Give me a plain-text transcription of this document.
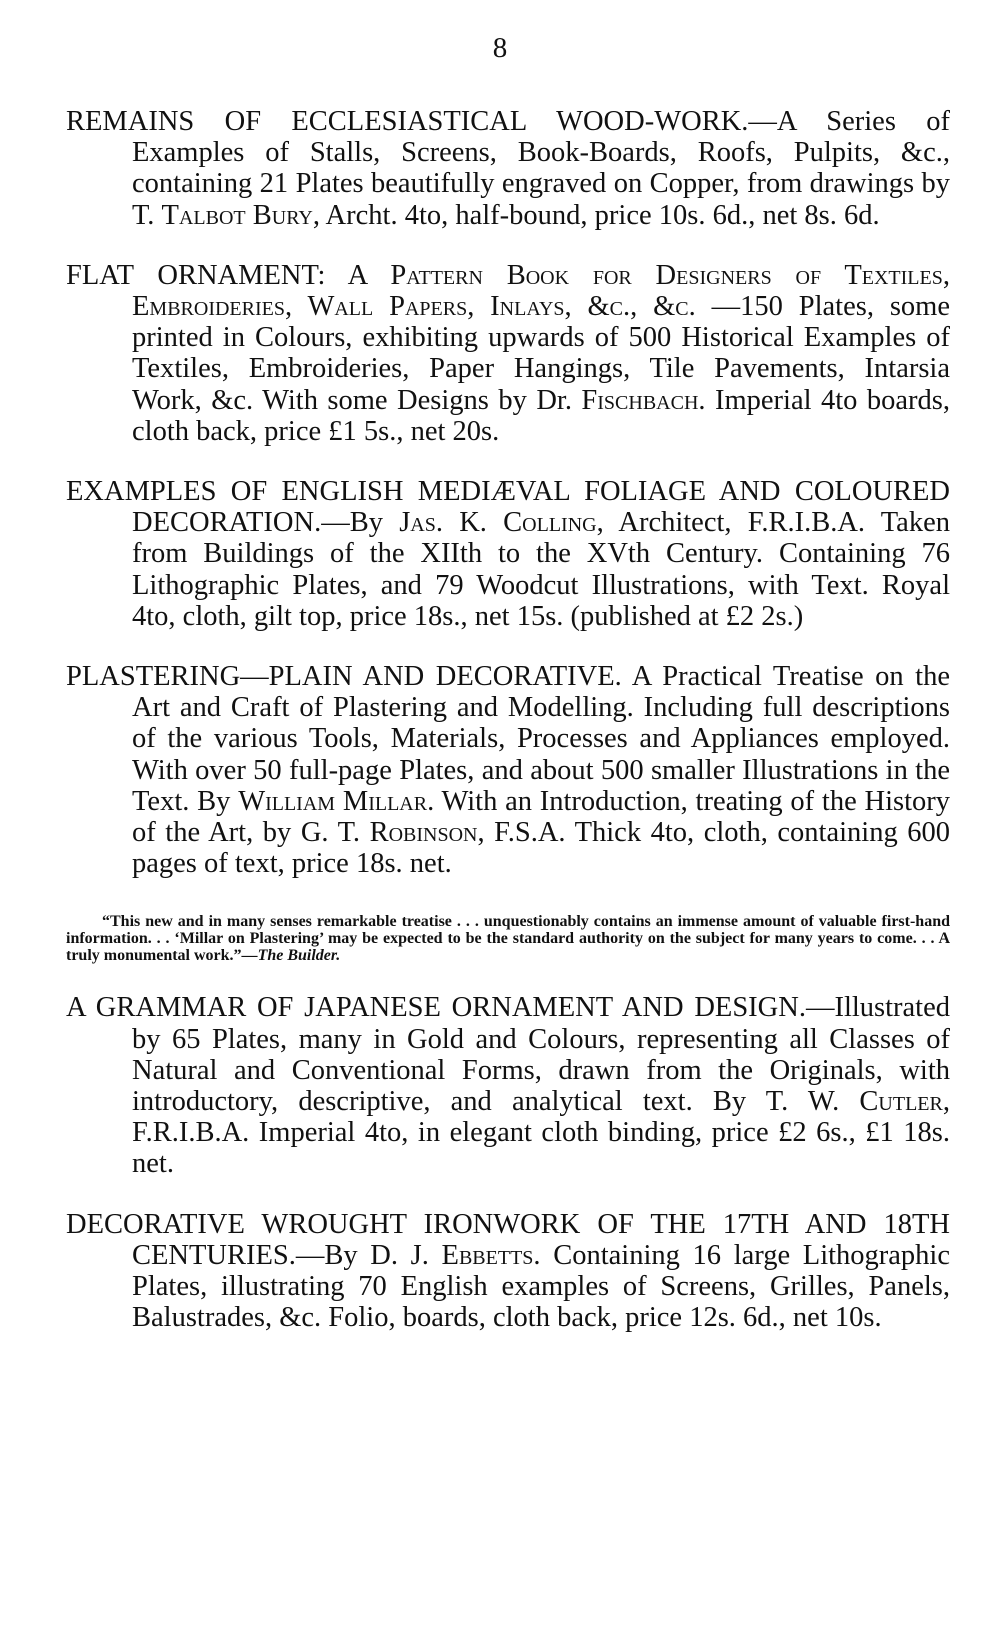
8

REMAINS OF ECCLESIASTICAL WOOD-WORK.—A Series of Examples of Stalls, Screens, Book-Boards, Roofs, Pulpits, &c., containing 21 Plates beautifully engraved on Copper, from drawings by T. Talbot Bury, Archt. 4to, half-bound, price 10s. 6d., net 8s. 6d.

FLAT ORNAMENT: A Pattern Book for Designers of Textiles, Embroideries, Wall Papers, Inlays, &c., &c. —150 Plates, some printed in Colours, exhibiting upwards of 500 Historical Examples of Textiles, Embroideries, Paper Hangings, Tile Pavements, Intarsia Work, &c. With some Designs by Dr. Fischbach. Imperial 4to boards, cloth back, price £1 5s., net 20s.

EXAMPLES OF ENGLISH MEDIÆVAL FOLIAGE AND COLOURED DECORATION.—By Jas. K. Colling, Architect, F.R.I.B.A. Taken from Buildings of the XIIth to the XVth Century. Containing 76 Lithographic Plates, and 79 Woodcut Illustrations, with Text. Royal 4to, cloth, gilt top, price 18s., net 15s. (published at £2 2s.)

PLASTERING—PLAIN AND DECORATIVE. A Practical Treatise on the Art and Craft of Plastering and Modelling. Including full descriptions of the various Tools, Materials, Processes and Appliances employed. With over 50 full-page Plates, and about 500 smaller Illustrations in the Text. By William Millar. With an Introduction, treating of the History of the Art, by G. T. Robinson, F.S.A. Thick 4to, cloth, containing 600 pages of text, price 18s. net.

“This new and in many senses remarkable treatise . . . unquestionably contains an immense amount of valuable first-hand information. . . ‘Millar on Plastering’ may be expected to be the standard authority on the subject for many years to come. . . A truly monumental work.”—The Builder.

A GRAMMAR OF JAPANESE ORNAMENT AND DESIGN.—Illustrated by 65 Plates, many in Gold and Colours, representing all Classes of Natural and Conventional Forms, drawn from the Originals, with introductory, descriptive, and analytical text. By T. W. Cutler, F.R.I.B.A. Imperial 4to, in elegant cloth binding, price £2 6s., £1 18s. net.

DECORATIVE WROUGHT IRONWORK OF THE 17TH AND 18TH CENTURIES.—By D. J. Ebbetts. Containing 16 large Lithographic Plates, illustrating 70 English examples of Screens, Grilles, Panels, Balustrades, &c. Folio, boards, cloth back, price 12s. 6d., net 10s.
